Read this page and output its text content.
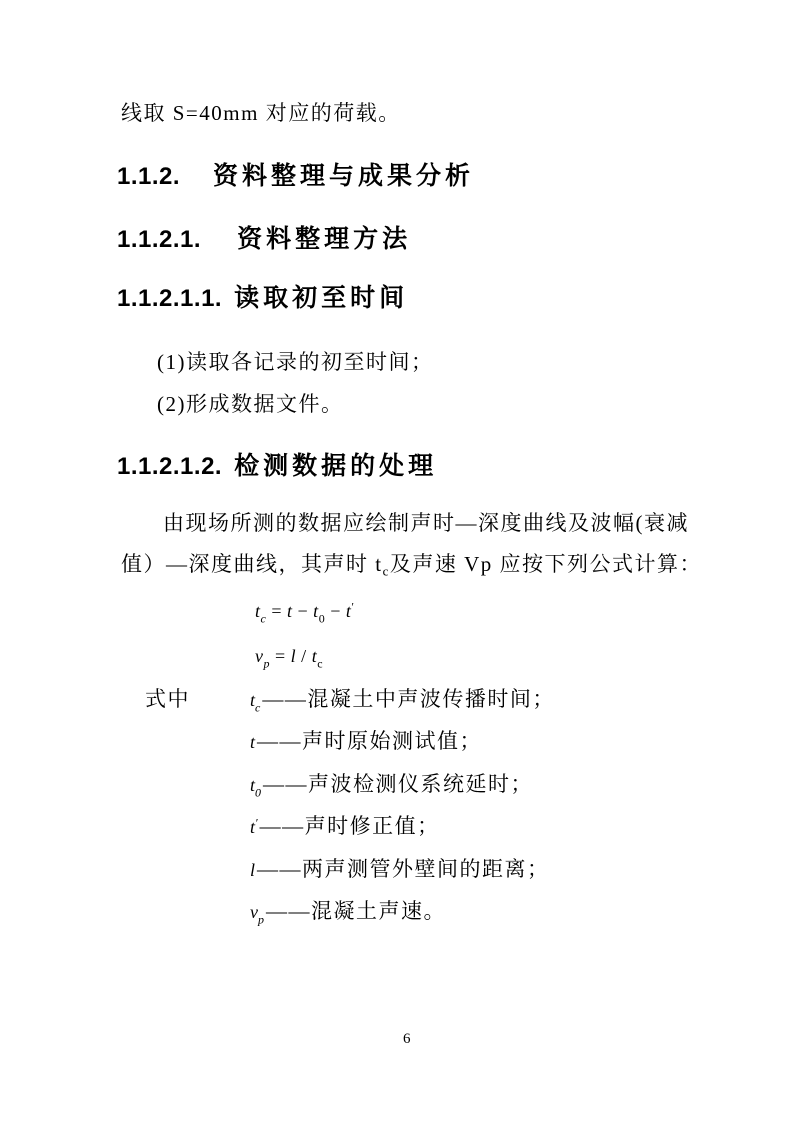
线取 S=40mm 对应的荷载。
1.1.2. 资料整理与成果分析
1.1.2.1. 资料整理方法
1.1.2.1.1. 读取初至时间
(1)读取各记录的初至时间；
(2)形成数据文件。
1.1.2.1.2. 检测数据的处理
由现场所测的数据应绘制声时—深度曲线及波幅(衰减
值）—深度曲线，其声时 $t_c$及声速 Vp 应按下列公式计算：
$t_c = t - t_0 - t'$
$v_p = l / t_c$
式中	$t_c——$混凝土中声波传播时间；
t——声时原始测试值；
$t_0——$声波检测仪系统延时；
t′——声时修正值；
l——两声测管外壁间的距离；
$v_p——$混凝土声速。
6
